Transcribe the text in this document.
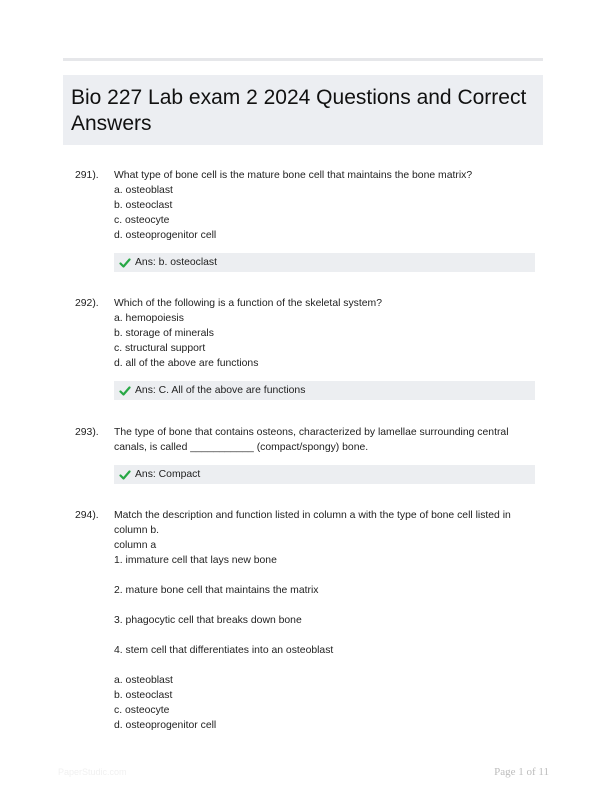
Bio 227 Lab exam 2 2024 Questions and Correct Answers
291). What type of bone cell is the mature bone cell that maintains the bone matrix?

a. osteoblast
b. osteoclast
c. osteocyte
d. osteoprogenitor cell
Ans: b. osteoclast
292). Which of the following is a function of the skeletal system?

a. hemopoiesis
b. storage of minerals
c. structural support
d. all of the above are functions
Ans: C. All of the above are functions
293). The type of bone that contains osteons, characterized by lamellae surrounding central canals, is called ___________ (compact/spongy) bone.

Ans: Compact
294). Match the description and function listed in column a with the type of bone cell listed in column b.

column a
1. immature cell that lays new bone
2. mature bone cell that maintains the matrix
3. phagocytic cell that breaks down bone
4. stem cell that differentiates into an osteoblast
a. osteoblast
b. osteoclast
c. osteocyte
d. osteoprogenitor cell
PaperStudic.com	Page 1 of 11
